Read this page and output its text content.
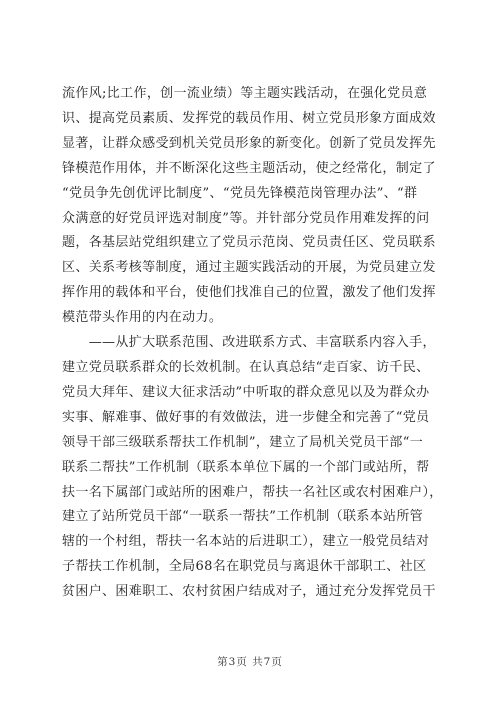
流作风;比工作，创一流业绩）等主题实践活动，在强化党员意
识、提高党员素质、发挥党的载员作用、树立党员形象方面成效
显著，让群众感受到机关党员形象的新变化。创新了党员发挥先
锋模范作用体，并不断深化这些主题活动，使之经常化，制定了
“党员争先创优评比制度”、“党员先锋模范岗管理办法”、“群
众满意的好党员评选对制度”等。并针部分党员作用难发挥的问
题，各基层站党组织建立了党员示范岗、党员责任区、党员联系
区、关系考核等制度，通过主题实践活动的开展，为党员建立发
挥作用的载体和平台，使他们找准自己的位置，激发了他们发挥
模范带头作用的内在动力。
　　——从扩大联系范围、改进联系方式、丰富联系内容入手，
建立党员联系群众的长效机制。在认真总结“走百家、访千民、
党员大拜年、建议大征求活动”中听取的群众意见以及为群众办
实事、解难事、做好事的有效做法，进一步健全和完善了“党员
领导干部三级联系帮扶工作机制”，建立了局机关党员干部“一
联系二帮扶”工作机制（联系本单位下属的一个部门或站所，帮
扶一名下属部门或站所的困难户，帮扶一名社区或农村困难户），
建立了站所党员干部“一联系一帮扶”工作机制（联系本站所管
辖的一个村组，帮扶一名本站的后进职工），建立一般党员结对
子帮扶工作机制，全局68名在职党员与离退休干部职工、社区
贫困户、困难职工、农村贫困户结成对子，通过充分发挥党员干
第3页 共7页
